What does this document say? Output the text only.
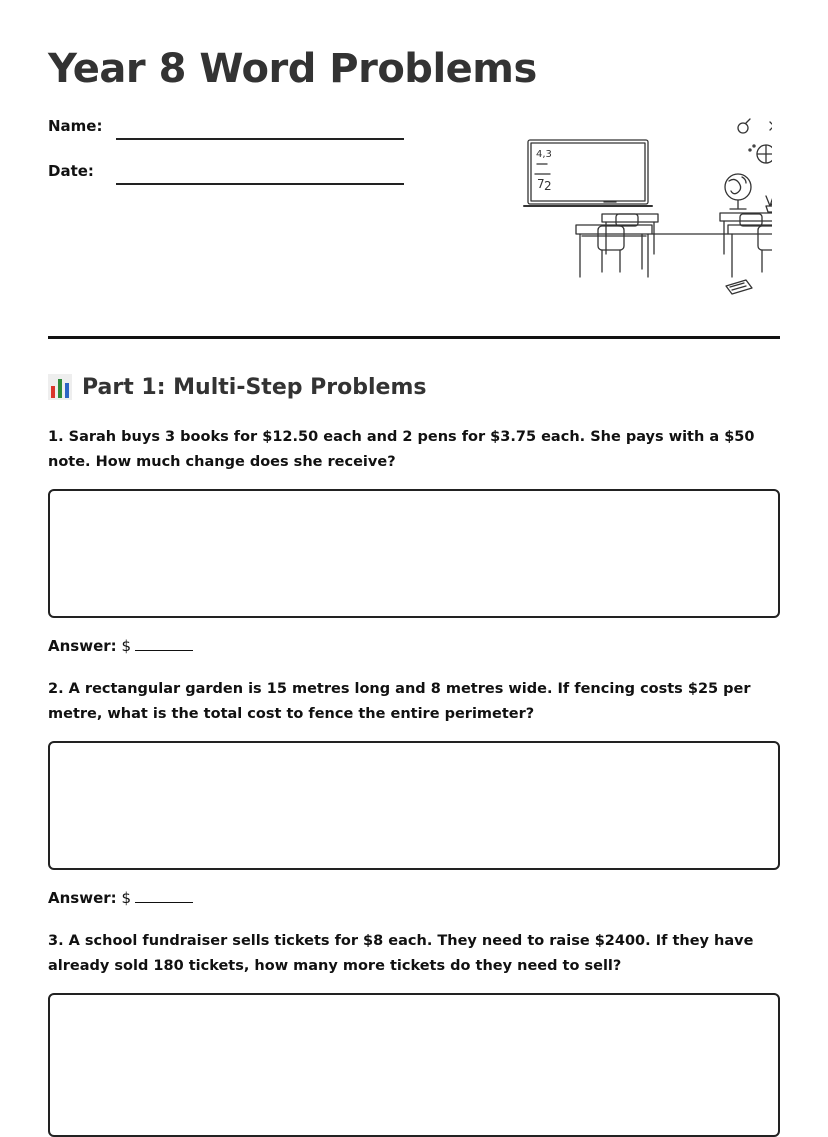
Year 8 Word Problems
Name:
Date:
4,3
7 2
Part 1: Multi-Step Problems

1. Sarah buys 3 books for $12.50 each and 2 pens for $3.75 each. She pays with a $50 note. How much change does she receive?

Answer: $

2. A rectangular garden is 15 metres long and 8 metres wide. If fencing costs $25 per metre, what is the total cost to fence the entire perimeter?

Answer: $

3. A school fundraiser sells tickets for $8 each. They need to raise $2400. If they have already sold 180 tickets, how many more tickets do they need to sell?
